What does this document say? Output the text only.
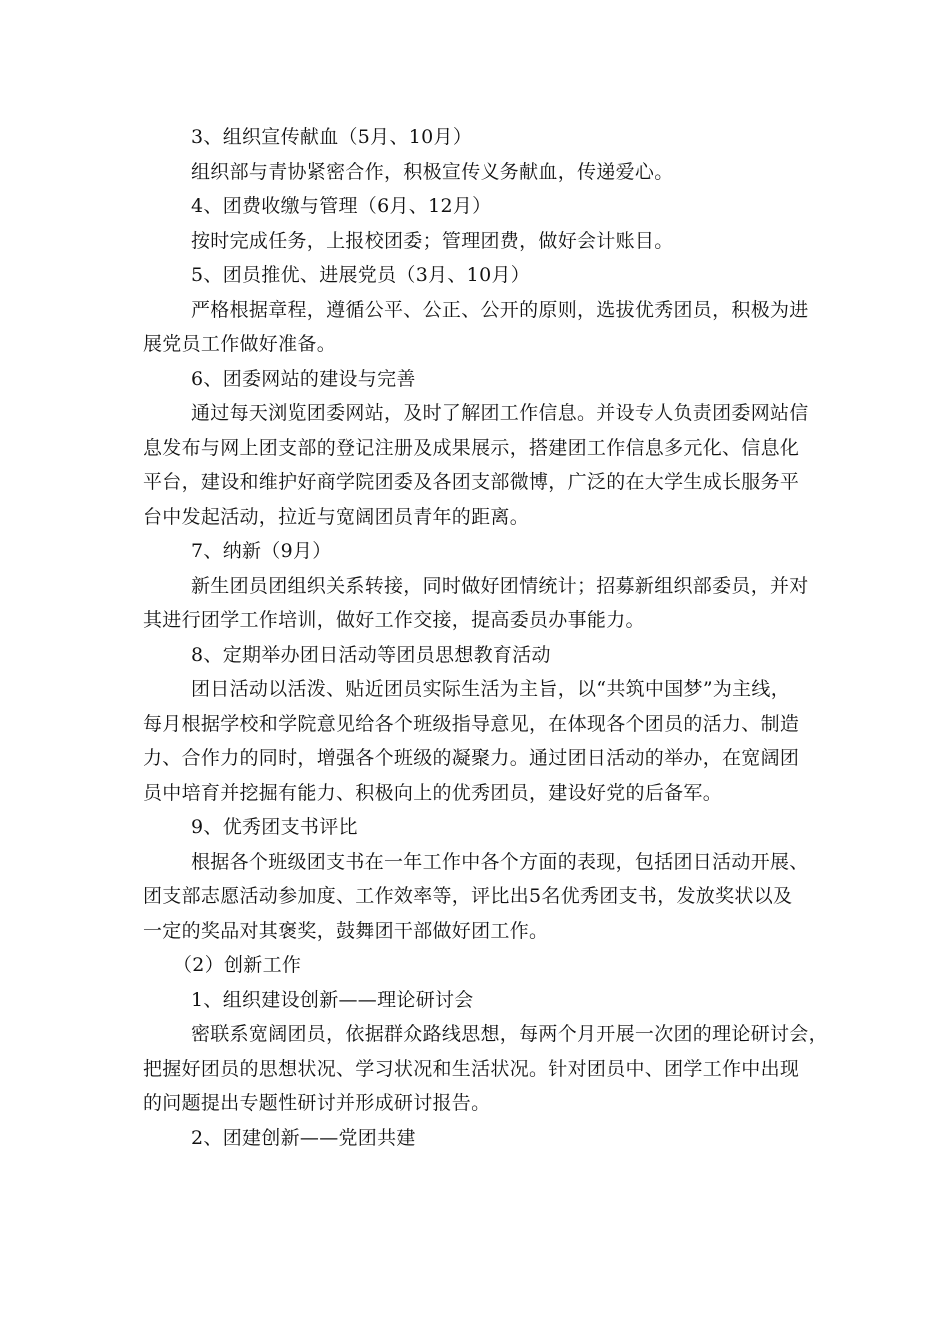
3、组织宣传献血（5月、10月）
组织部与青协紧密合作，积极宣传义务献血，传递爱心。
4、团费收缴与管理（6月、12月）
按时完成任务，上报校团委；管理团费，做好会计账目。
5、团员推优、进展党员（3月、10月）
严格根据章程，遵循公平、公正、公开的原则，选拔优秀团员，积极为进
展党员工作做好准备。
6、团委网站的建设与完善
通过每天浏览团委网站，及时了解团工作信息。并设专人负责团委网站信
息发布与网上团支部的登记注册及成果展示，搭建团工作信息多元化、信息化
平台，建设和维护好商学院团委及各团支部微博，广泛的在大学生成长服务平
台中发起活动，拉近与宽阔团员青年的距离。
7、纳新（9月）
新生团员团组织关系转接，同时做好团情统计；招募新组织部委员，并对
其进行团学工作培训，做好工作交接，提高委员办事能力。
8、定期举办团日活动等团员思想教育活动
团日活动以活泼、贴近团员实际生活为主旨，以“共筑中国梦”为主线，
每月根据学校和学院意见给各个班级指导意见，在体现各个团员的活力、制造
力、合作力的同时，增强各个班级的凝聚力。通过团日活动的举办，在宽阔团
员中培育并挖掘有能力、积极向上的优秀团员，建设好党的后备军。
9、优秀团支书评比
根据各个班级团支书在一年工作中各个方面的表现，包括团日活动开展、
团支部志愿活动参加度、工作效率等，评比出5名优秀团支书，发放奖状以及
一定的奖品对其褒奖，鼓舞团干部做好团工作。
（2）创新工作
1、组织建设创新——理论研讨会
密联系宽阔团员，依据群众路线思想，每两个月开展一次团的理论研讨会，
把握好团员的思想状况、学习状况和生活状况。针对团员中、团学工作中出现
的问题提出专题性研讨并形成研讨报告。
2、团建创新——党团共建
